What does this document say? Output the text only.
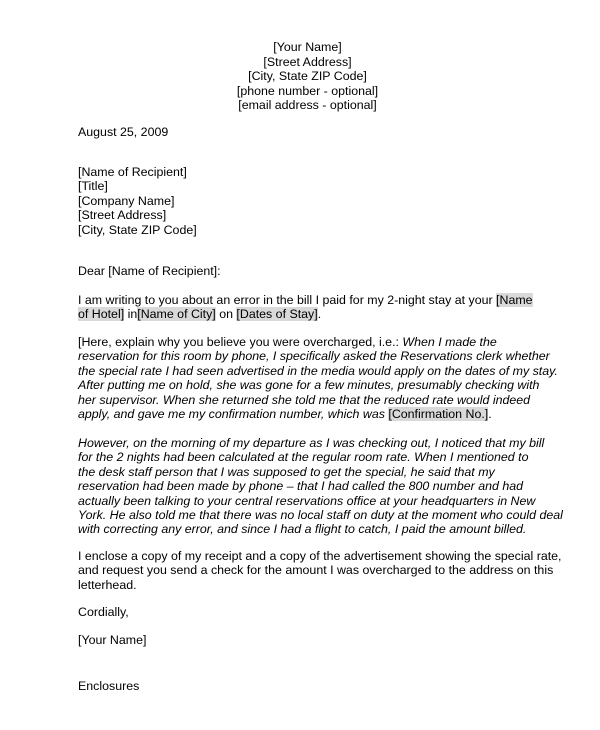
[Your Name]
[Street Address]
[City, State ZIP Code]
[phone number - optional]
[email address - optional]
August 25, 2009
[Name of Recipient]
[Title]
[Company Name]
[Street Address]
[City, State ZIP Code]
Dear [Name of Recipient]:
I am writing to you about an error in the bill I paid for my 2-night stay at your [Name
of Hotel] in[Name of City] on [Dates of Stay].
[Here, explain why you believe you were overcharged, i.e.: When I made the
reservation for this room by phone, I specifically asked the Reservations clerk whether
the special rate I had seen advertised in the media would apply on the dates of my stay.
After putting me on hold, she was gone for a few minutes, presumably checking with
her supervisor. When she returned she told me that the reduced rate would indeed
apply, and gave me my confirmation number, which was [Confirmation No.].
However, on the morning of my departure as I was checking out, I noticed that my bill
for the 2 nights had been calculated at the regular room rate. When I mentioned to
the desk staff person that I was supposed to get the special, he said that my
reservation had been made by phone – that I had called the 800 number and had
actually been talking to your central reservations office at your headquarters in New
York. He also told me that there was no local staff on duty at the moment who could deal
with correcting any error, and since I had a flight to catch, I paid the amount billed.
I enclose a copy of my receipt and a copy of the advertisement showing the special rate,
and request you send a check for the amount I was overcharged to the address on this
letterhead.
Cordially,
[Your Name]
Enclosures
